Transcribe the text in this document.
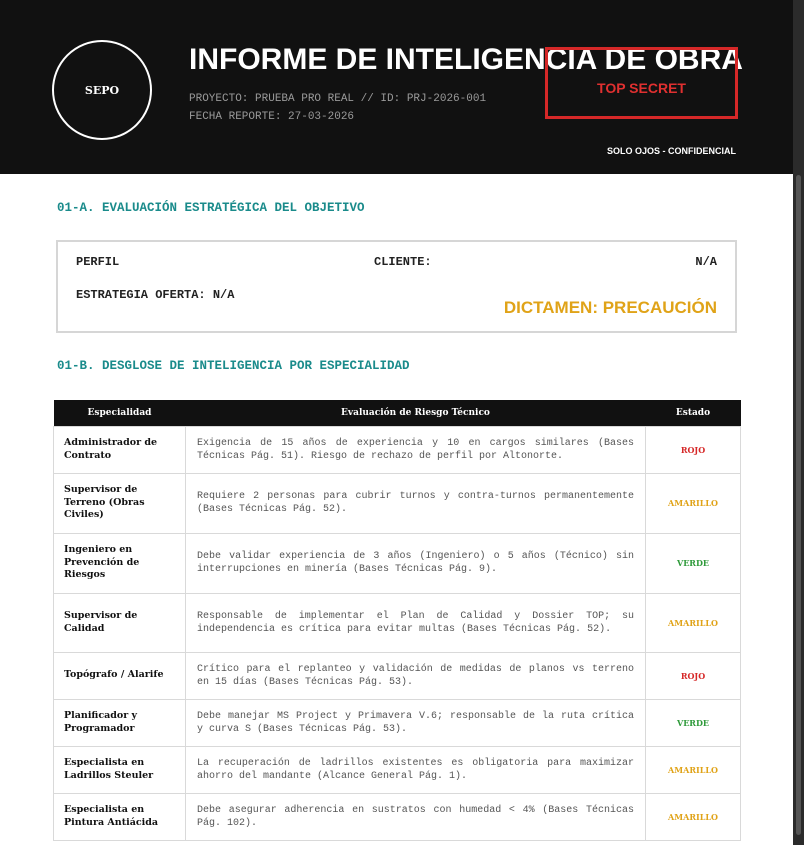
SEPO
INFORME DE INTELIGENCIA DE OBRA
PROYECTO: PRUEBA PRO REAL // ID: PRJ-2026-001
FECHA REPORTE: 27-03-2026
TOP SECRET
SOLO OJOS - CONFIDENCIAL
01-A. EVALUACIÓN ESTRATÉGICA DEL OBJETIVO
PERFIL	CLIENTE:	N/A
ESTRATEGIA OFERTA: N/A
DICTAMEN: PRECAUCIÓN
01-B. DESGLOSE DE INTELIGENCIA POR ESPECIALIDAD
Especialidad	Evaluación de Riesgo Técnico	Estado
Administrador de Contrato	Exigencia de 15 años de experiencia y 10 en cargos similares (Bases Técnicas Pág. 51). Riesgo de rechazo de perfil por Altonorte.	ROJO
Supervisor de Terreno (Obras Civiles)	Requiere 2 personas para cubrir turnos y contra-turnos permanentemente (Bases Técnicas Pág. 52).	AMARILLO
Ingeniero en Prevención de Riesgos	Debe validar experiencia de 3 años (Ingeniero) o 5 años (Técnico) sin interrupciones en minería (Bases Técnicas Pág. 9).	VERDE
Supervisor de Calidad	Responsable de implementar el Plan de Calidad y Dossier TOP; su independencia es crítica para evitar multas (Bases Técnicas Pág. 52).	AMARILLO
Topógrafo / Alarife	Crítico para el replanteo y validación de medidas de planos vs terreno en 15 días (Bases Técnicas Pág. 53).	ROJO
Planificador y Programador	Debe manejar MS Project y Primavera V.6; responsable de la ruta crítica y curva S (Bases Técnicas Pág. 53).	VERDE
Especialista en Ladrillos Steuler	La recuperación de ladrillos existentes es obligatoria para maximizar ahorro del mandante (Alcance General Pág. 1).	AMARILLO
Especialista en Pintura Antiácida	Debe asegurar adherencia en sustratos con humedad < 4% (Bases Técnicas Pág. 102).	AMARILLO
